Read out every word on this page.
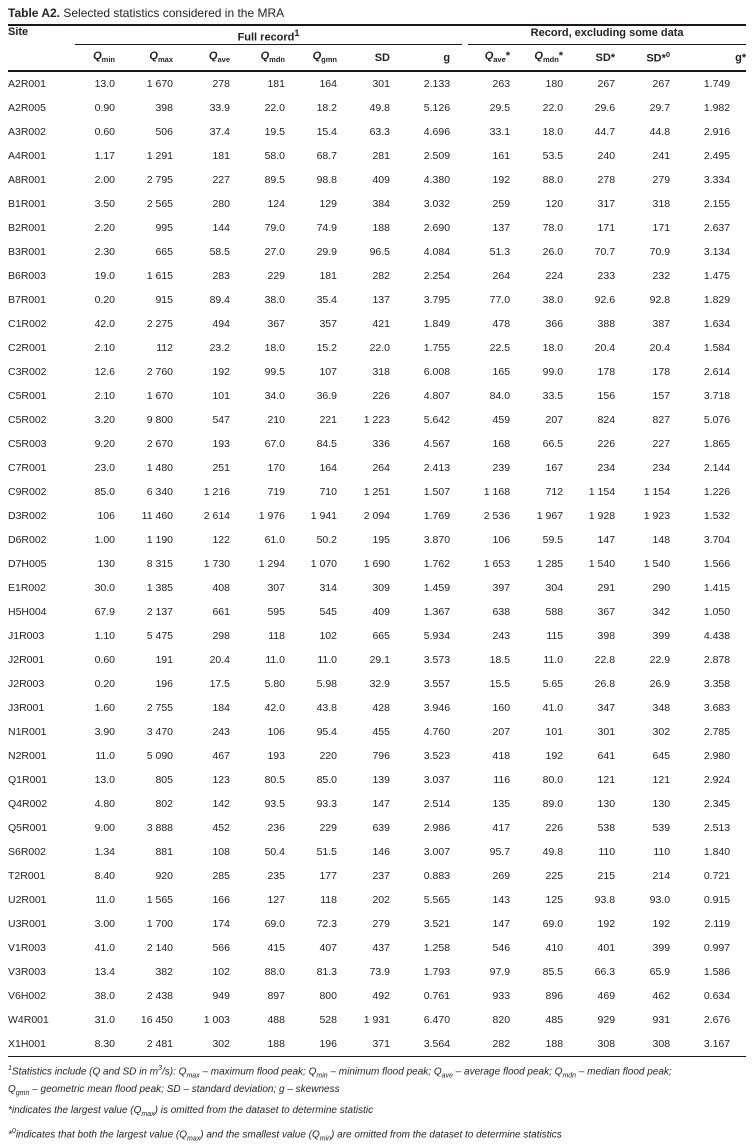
Table A2. Selected statistics considered in the MRA
Site	Full record$^1$							Record, excluding some data				

	$Q_{min}$	$Q_{max}$	$Q_{ave}$	$Q_{mdn}$	$Q_{gmn}$	SD	g	$Q_{ave}*$	$Q_{mdn}*$	SD*	SD*$^0$	g*
A2R001	13.0	1 670	278	181	164	301	2.133	263	180	267	267	1.749
A2R005	0.90	398	33.9	22.0	18.2	49.8	5.126	29.5	22.0	29.6	29.7	1.982
A3R002	0.60	506	37.4	19.5	15.4	63.3	4.696	33.1	18.0	44.7	44.8	2.916
A4R001	1.17	1 291	181	58.0	68.7	281	2.509	161	53.5	240	241	2.495
A8R001	2.00	2 795	227	89.5	98.8	409	4.380	192	88.0	278	279	3.334
B1R001	3.50	2 565	280	124	129	384	3.032	259	120	317	318	2.155
B2R001	2.20	995	144	79.0	74.9	188	2.690	137	78.0	171	171	2.637
B3R001	2.30	665	58.5	27.0	29.9	96.5	4.084	51.3	26.0	70.7	70.9	3.134
B6R003	19.0	1 615	283	229	181	282	2.254	264	224	233	232	1.475
B7R001	0.20	915	89.4	38.0	35.4	137	3.795	77.0	38.0	92.6	92.8	1.829
C1R002	42.0	2 275	494	367	357	421	1.849	478	366	388	387	1.634
C2R001	2.10	112	23.2	18.0	15.2	22.0	1.755	22.5	18.0	20.4	20.4	1.584
C3R002	12.6	2 760	192	99.5	107	318	6.008	165	99.0	178	178	2.614
C5R001	2.10	1 670	101	34.0	36.9	226	4.807	84.0	33.5	156	157	3.718
C5R002	3.20	9 800	547	210	221	1 223	5.642	459	207	824	827	5.076
C5R003	9.20	2 670	193	67.0	84.5	336	4.567	168	66.5	226	227	1.865
C7R001	23.0	1 480	251	170	164	264	2.413	239	167	234	234	2.144
C9R002	85.0	6 340	1 216	719	710	1 251	1.507	1 168	712	1 154	1 154	1.226
D3R002	106	11 460	2 614	1 976	1 941	2 094	1.769	2 536	1 967	1 928	1 923	1.532
D6R002	1.00	1 190	122	61.0	50.2	195	3.870	106	59.5	147	148	3.704
D7H005	130	8 315	1 730	1 294	1 070	1 690	1.762	1 653	1 285	1 540	1 540	1.566
E1R002	30.0	1 385	408	307	314	309	1.459	397	304	291	290	1.415
H5H004	67.9	2 137	661	595	545	409	1.367	638	588	367	342	1.050
J1R003	1.10	5 475	298	118	102	665	5.934	243	115	398	399	4.438
J2R001	0.60	191	20.4	11.0	11.0	29.1	3.573	18.5	11.0	22.8	22.9	2.878
J2R003	0.20	196	17.5	5.80	5.98	32.9	3.557	15.5	5.65	26.8	26.9	3.358
J3R001	1.60	2 755	184	42.0	43.8	428	3.946	160	41.0	347	348	3.683
N1R001	3.90	3 470	243	106	95.4	455	4.760	207	101	301	302	2.785
N2R001	11.0	5 090	467	193	220	796	3.523	418	192	641	645	2.980
Q1R001	13.0	805	123	80.5	85.0	139	3.037	116	80.0	121	121	2.924
Q4R002	4.80	802	142	93.5	93.3	147	2.514	135	89.0	130	130	2.345
Q5R001	9.00	3 888	452	236	229	639	2.986	417	226	538	539	2.513
S6R002	1.34	881	108	50.4	51.5	146	3.007	95.7	49.8	110	110	1.840
T2R001	8.40	920	285	235	177	237	0.883	269	225	215	214	0.721
U2R001	11.0	1 565	166	127	118	202	5.565	143	125	93.8	93.0	0.915
U3R001	3.00	1 700	174	69.0	72.3	279	3.521	147	69.0	192	192	2.119
V1R003	41.0	2 140	566	415	407	437	1.258	546	410	401	399	0.997
V3R003	13.4	382	102	88.0	81.3	73.9	1.793	97.9	85.5	66.3	65.9	1.586
V6H002	38.0	2 438	949	897	800	492	0.761	933	896	469	462	0.634
W4R001	31.0	16 450	1 003	488	528	1 931	6.470	820	485	929	931	2.676
X1H001	8.30	2 481	302	188	196	371	3.564	282	188	308	308	3.167

$^1$Statistics include (Q and SD in $m^3/s$): $Q_{max}$ – maximum flood peak; $Q_{min}$ – minimum flood peak; $Q_{ave}$ – average flood peak; $Q_{mdn}$ – median flood peak;
$Q_{gmn}$ – geometric mean flood peak; SD – standard deviation; g – skewness

*indicates the largest value $(Q_{max})$ is omitted from the dataset to determine statistic

*$^0$indicates that both the largest value $(Q_{max})$ and the smallest value $(Q_{min})$ are omitted from the dataset to determine statistics
